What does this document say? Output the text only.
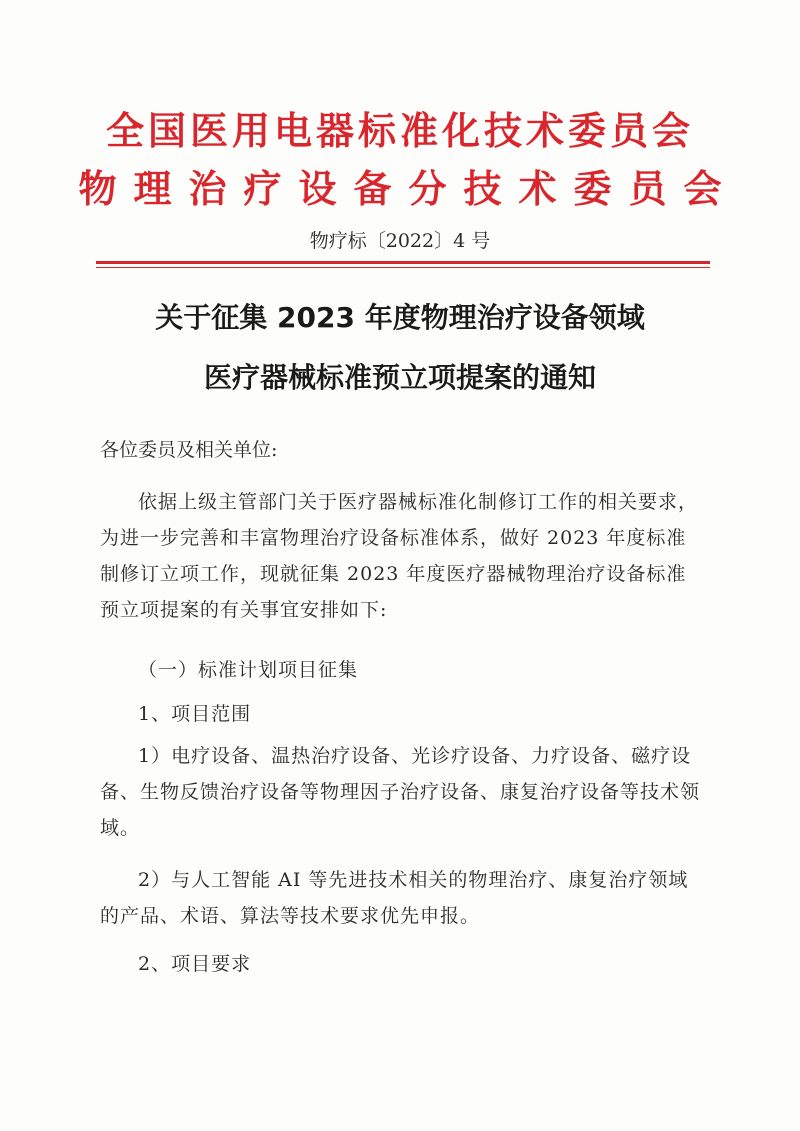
全国医用电器标准化技术委员会
物理治疗设备分技术委员会
物疗标〔2022〕4 号
关于征集 2023 年度物理治疗设备领域
医疗器械标准预立项提案的通知

各位委员及相关单位:

依据上级主管部门关于医疗器械标准化制修订工作的相关要求，为进一步完善和丰富物理治疗设备标准体系，做好 2023 年度标准制修订立项工作，现就征集 2023 年度医疗器械物理治疗设备标准预立项提案的有关事宜安排如下:

（一）标准计划项目征集

1、项目范围

1）电疗设备、温热治疗设备、光诊疗设备、力疗设备、磁疗设备、生物反馈治疗设备等物理因子治疗设备、康复治疗设备等技术领域。

2）与人工智能 AI 等先进技术相关的物理治疗、康复治疗领域的产品、术语、算法等技术要求优先申报。

2、项目要求
